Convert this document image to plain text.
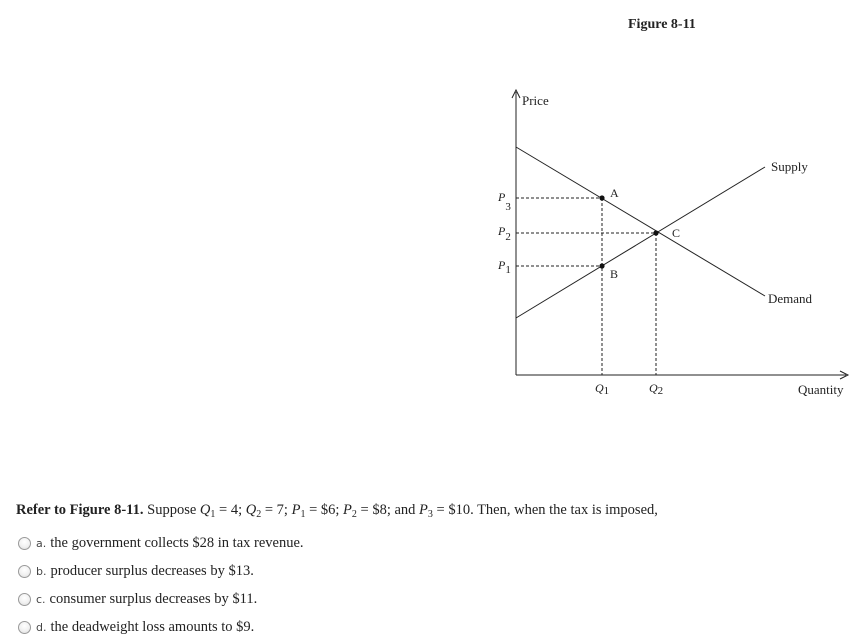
Figure 8-11
Price
Quantity
Supply
Demand
A
B
C
P3
P2
P1
Q1	Q2
Refer to Figure 8-11. Suppose $Q_1 = 4$; $Q_2 = 7$; $P_1$ = $6; $P_2$ = $8; and $P_3$ = $10. Then, when the tax is imposed,
a. the government collects $28 in tax revenue.
b. producer surplus decreases by $13.
c. consumer surplus decreases by $11.
d. the deadweight loss amounts to $9.
